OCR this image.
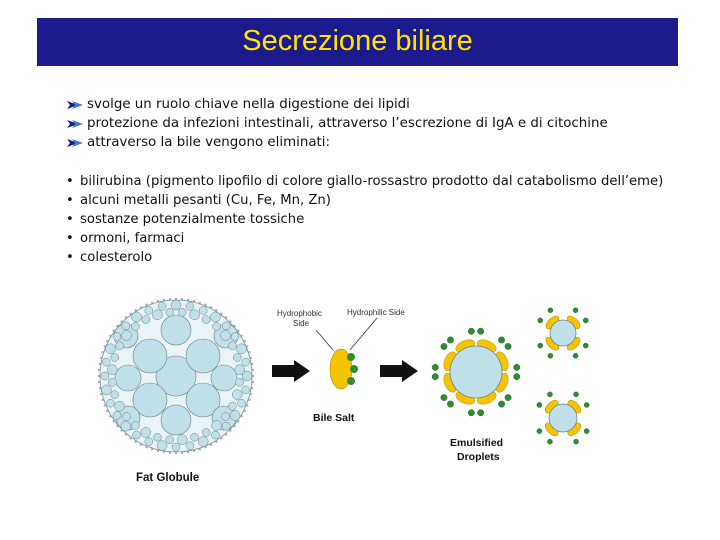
Secrezione biliare
svolge un ruolo chiave nella digestione dei lipidi
protezione da infezioni intestinali, attraverso l’escrezione di IgA e di citochine
attraverso la bile vengono eliminati:
• bilirubina (pigmento lipofilo di colore giallo-rossastro prodotto dal catabolismo dell’eme)
• alcuni metalli pesanti (Cu, Fe, Mn, Zn)
• sostanze potenzialmente tossiche
• ormoni, farmaci
• colesterolo
Fat Globule
Hydrophobic
Side
Hydrophilic Side
Bile Salt
Emulsified
Droplets
